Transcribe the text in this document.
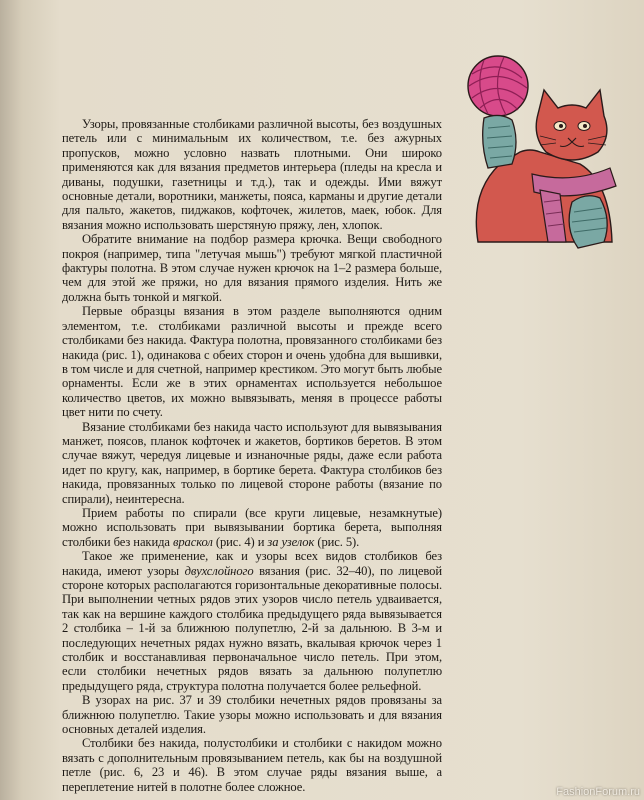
Узоры, провязанные столбиками различной высоты, без воздушных петель или с минимальным их количеством, т.е. без ажурных пропусков, можно условно назвать плотными. Они широко применяются как для вязания предметов интерьера (пледы на кресла и диваны, подушки, газетницы и т.д.), так и одежды. Ими вяжут основные детали, воротники, манжеты, пояса, карманы и другие детали для пальто, жакетов, пиджаков, кофточек, жилетов, маек, юбок. Для вязания можно использовать шерстяную пряжу, лен, хлопок.

Обратите внимание на подбор размера крючка. Вещи свободного покроя (например, типа "летучая мышь") требуют мягкой пластичной фактуры полотна. В этом случае нужен крючок на 1–2 размера больше, чем для этой же пряжи, но для вязания прямого изделия. Нить же должна быть тонкой и мягкой.

Первые образцы вязания в этом разделе выполняются одним элементом, т.е. столбиками различной высоты и прежде всего столбиками без накида. Фактура полотна, провязанного столбиками без накида (рис. 1), одинакова с обеих сторон и очень удобна для вышивки, в том числе и для счетной, например крестиком. Это могут быть любые орнаменты. Если же в этих орнаментах используется небольшое количество цветов, их можно вывязывать, меняя в процессе работы цвет нити по счету.

Вязание столбиками без накида часто используют для вывязывания манжет, поясов, планок кофточек и жакетов, бортиков беретов. В этом случае вяжут, чередуя лицевые и изнаночные ряды, даже если работа идет по кругу, как, например, в бортике берета. Фактура столбиков без накида, провязанных только по лицевой стороне работы (вязание по спирали), неинтересна.

Прием работы по спирали (все круги лицевые, незамкнутые) можно использовать при вывязывании бортика берета, выполняя столбики без накида враскол (рис. 4) и за узелок (рис. 5).

Такое же применение, как и узоры всех видов столбиков без накида, имеют узоры двухслойного вязания (рис. 32–40), по лицевой стороне которых располагаются горизонтальные декоративные полосы. При выполнении четных рядов этих узоров число петель удваивается, так как на вершине каждого столбика предыдущего ряда вывязывается 2 столбика – 1-й за ближнюю полупетлю, 2-й за дальнюю. В 3-м и последующих нечетных рядах нужно вязать, вкалывая крючок через 1 столбик и восстанавливая первоначальное число петель. При этом, если столбики нечетных рядов вязать за дальнюю полупетлю предыдущего ряда, структура полотна получается более рельефной.

В узорах на рис. 37 и 39 столбики нечетных рядов провязаны за ближнюю полупетлю. Такие узоры можно использовать и для вязания основных деталей изделия.

Столбики без накида, полустолбики и столбики с накидом можно вязать с дополнительным провязыванием петель, как бы на воздушной петле (рис. 6, 23 и 46). В этом случае ряды вязания выше, а переплетение нитей в полотне более сложное.	FashionForum.ru
